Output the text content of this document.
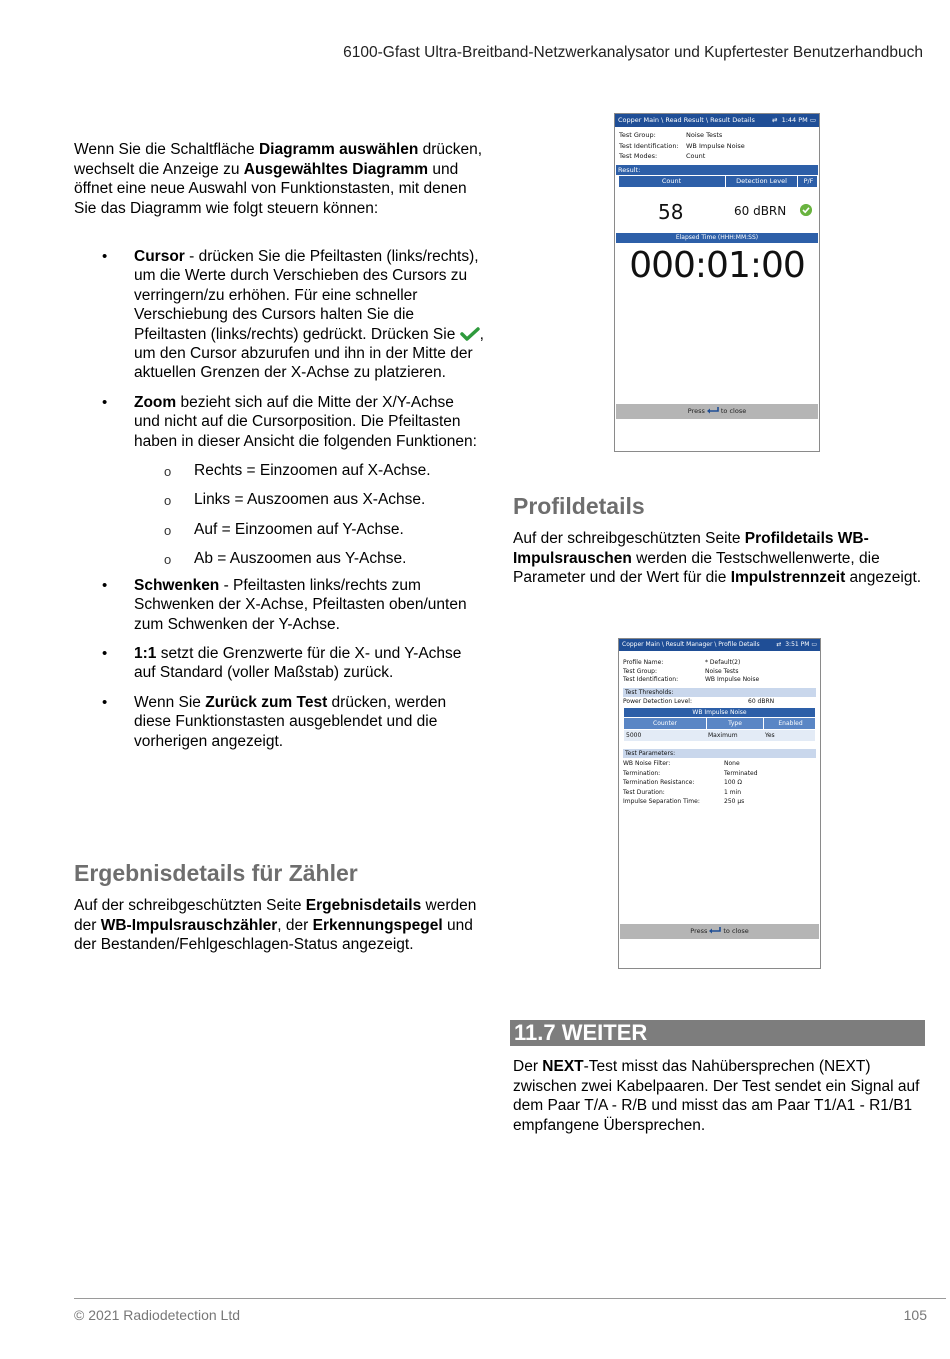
6100-Gfast Ultra-Breitband-Netzwerkanalysator und Kupfertester Benutzerhandbuch

Wenn Sie die Schaltfläche Diagramm auswählen drücken, wechselt die Anzeige zu Ausgewähltes Diagramm und öffnet eine neue Auswahl von Funktionstasten, mit denen Sie das Diagramm wie folgt steuern können:

• Cursor - drücken Sie die Pfeiltasten (links/rechts), um die Werte durch Verschieben des Cursors zu verringern/zu erhöhen. Für eine schneller Verschiebung des Cursors halten Sie die Pfeiltasten (links/rechts) gedrückt. Drücken Sie , um den Cursor abzurufen und ihn in der Mitte der aktuellen Grenzen der X-Achse zu platzieren.
• Zoom bezieht sich auf die Mitte der X/Y-Achse und nicht auf die Cursorposition. Die Pfeiltasten haben in dieser Ansicht die folgenden Funktionen:
o Rechts = Einzoomen auf X-Achse.
o Links = Auszoomen aus X-Achse.
o Auf = Einzoomen auf Y-Achse.
o Ab = Auszoomen aus Y-Achse.
• Schwenken - Pfeiltasten links/rechts zum Schwenken der X-Achse, Pfeiltasten oben/unten zum Schwenken der Y-Achse.
• 1:1 setzt die Grenzwerte für die X- und Y-Achse auf Standard (voller Maßstab) zurück.
• Wenn Sie Zurück zum Test drücken, werden diese Funktionstasten ausgeblendet und die vorherigen angezeigt.
Ergebnisdetails für Zähler

Auf der schreibgeschützten Seite Ergebnisdetails werden der WB-Impulsrauschzähler, der Erkennungspegel und der Bestanden/Fehlgeschlagen-Status angezeigt.

Copper Main \ Read Result \ Result Details	⇄  1:44 PM ▭
Test Group:	Noise Tests
Test Identification: WB Impulse Noise
Test Modes:	Count
Result:
Count	Detection Level	P/F
58	60 dBRN
Elapsed Time (HHH:MM:SS)
000:01:00
Press to close
Profildetails

Auf der schreibgeschützten Seite Profildetails WB-Impulsrauschen werden die Testschwellenwerte, die Parameter und der Wert für die Impulstrennzeit angezeigt.

Copper Main \ Result Manager \ Profile Details	⇄  3:51 PM ▭
Profile Name:	* Default(2)
Test Group:	Noise Tests
Test Identification:	WB Impulse Noise
Test Thresholds:
Power Detection Level:	60 dBRN
WB Impulse Noise
Counter	Type	Enabled
5000	Maximum	Yes
Test Parameters:
WB Noise Filter:	None
Termination:	Terminated
Termination Resistance:	100 Ω
Test Duration:	1 min
Impulse Separation Time:	250 µs
Press to close
11.7 WEITER

Der NEXT-Test misst das Nahübersprechen (NEXT) zwischen zwei Kabelpaaren. Der Test sendet ein Signal auf dem Paar T/A - R/B und misst das am Paar T1/A1 - R1/B1 empfangene Übersprechen.

© 2021 Radiodetection Ltd	105
